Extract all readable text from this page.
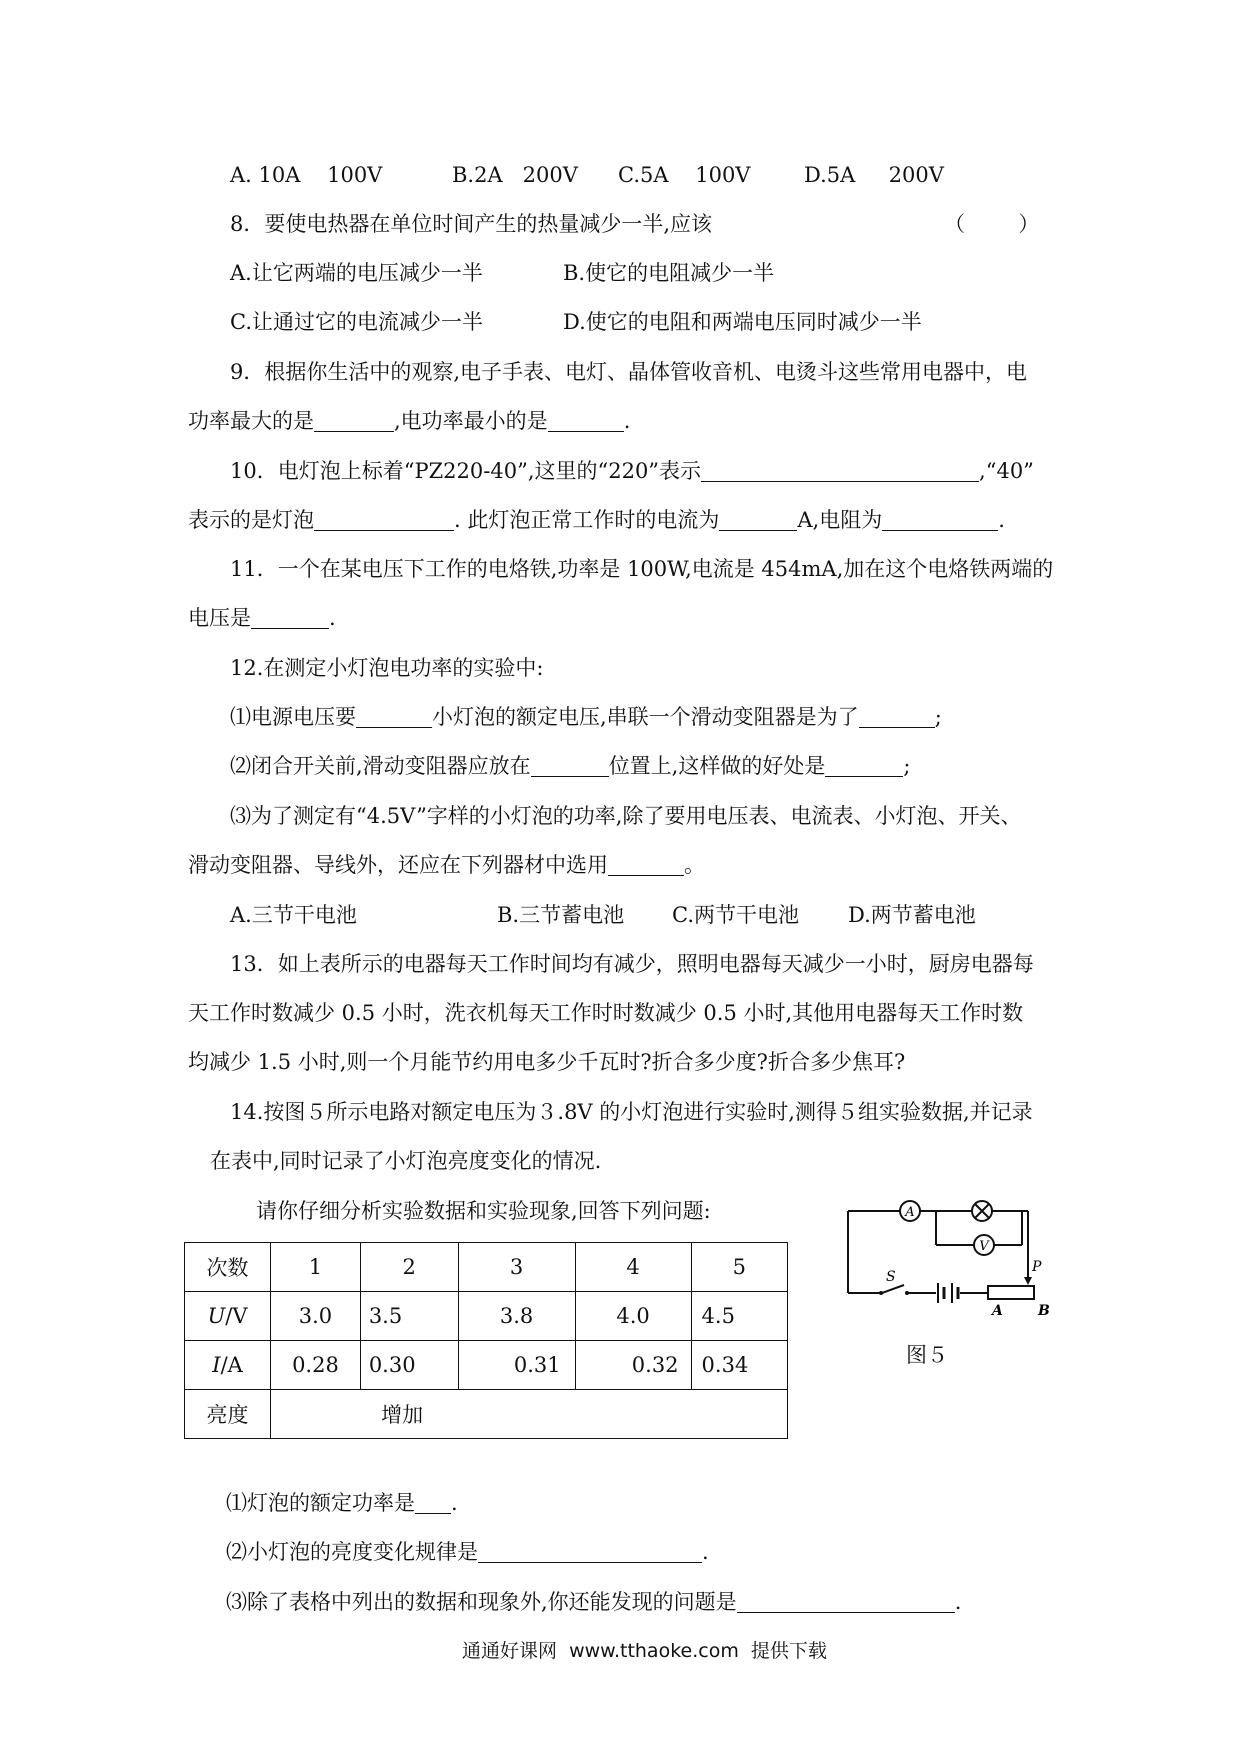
A. 10A    100V	B.2A   200V C.5A    100V	D.5A     200V
8．要使电热器在单位时间产生的热量减少一半,应该	（        ）
A.让它两端的电压减少一半	B.使它的电阻减少一半
C.让通过它的电流减少一半	D.使它的电阻和两端电压同时减少一半
9．根据你生活中的观察,电子手表、电灯、晶体管收音机、电烫斗这些常用电器中，电
功率最大的是	,电功率最小的是	.
10．电灯泡上标着“PZ220-40”,这里的“220”表示	,“40”
表示的是灯泡	. 此灯泡正常工作时的电流为	A,电阻为	.
11．一个在某电压下工作的电烙铁,功率是 100W,电流是 454mA,加在这个电烙铁两端的
电压是	.
12.在测定小灯泡电功率的实验中:
⑴电源电压要	小灯泡的额定电压,串联一个滑动变阻器是为了	;
⑵闭合开关前,滑动变阻器应放在	位置上,这样做的好处是	;
⑶为了测定有“4.5V”字样的小灯泡的功率,除了要用电压表、电流表、小灯泡、开关、
滑动变阻器、导线外，还应在下列器材中选用	。
A.三节干电池	B.三节蓄电池 C.两节干电池 D.两节蓄电池
13．如上表所示的电器每天工作时间均有减少，照明电器每天减少一小时，厨房电器每
天工作时数减少 0.5 小时，洗衣机每天工作时时数减少 0.5 小时,其他用电器每天工作时数
均减少 1.5 小时,则一个月能节约用电多少千瓦时?折合多少度?折合多少焦耳?
14.按图５所示电路对额定电压为３.8V 的小灯泡进行实验时,测得５组实验数据,并记录
在表中,同时记录了小灯泡亮度变化的情况.
请你仔细分析实验数据和实验现象,回答下列问题:
次数	1	2	3	4	5
U/V	3.0	3.5	3.8	4.0	4.5
I/A	0.28	0.30	0.31	0.32	0.34
亮度	增加				
A
V
S
P
A	B
图５
⑴灯泡的额定功率是 .
⑵小灯泡的亮度变化规律是	.
⑶除了表格中列出的数据和现象外,你还能发现的问题是	.
通通好课网  www.tthaoke.com  提供下载
